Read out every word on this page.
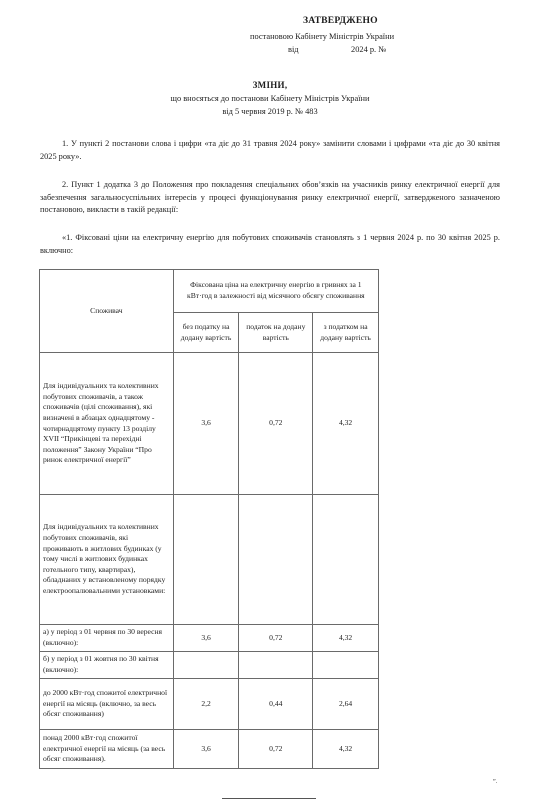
ЗАТВЕРДЖЕНО
постановою Кабінету Міністрів України
від	2024 р. №
ЗМІНИ,
що вносяться до постанови Кабінету Міністрів України
від 5 червня 2019 р. № 483
1. У пункті 2 постанови слова і цифри «та діє до 31 травня 2024 року» замінити словами і цифрами «та діє до 30 квітня 2025 року».
2. Пункт 1 додатка 3 до Положення про покладення спеціальних обов’язків на учасників ринку електричної енергії для забезпечення загальносуспільних інтересів у процесі функціонування ринку електричної енергії, затвердженого зазначеною постановою, викласти в такій редакції:
«1. Фіксовані ціни на електричну енергію для побутових споживачів становлять з 1 червня 2024 р. по 30 квітня 2025 р. включно:
Споживач	Фіксована ціна на електричну енергію в гривнях за 1 кВт·год в залежності від місячного обсягу споживання		
	без податку на додану вартість	податок на додану вартість	з податком на додану вартість
Для індивідуальних та колективних побутових споживачів, а також споживачів (цілі споживання), які визначені в абзацах однадцятому - чотирнадцятому пункту 13 розділу XVII “Прикінцеві та перехідні положення” Закону України “Про ринок електричної енергії”	3,6	0,72	4,32
Для індивідуальних та колективних побутових споживачів, які проживають в житлових будинках (у тому числі в житлових будинках готельного типу, квартирах), обладнаних у встановленому порядку електроопалювальними установками:			
а) у період з 01 червня по 30 вересня (включно):	3,6	0,72	4,32
б) у період з 01 жовтня по 30 квітня (включно):			
до 2000 кВт·год спожитої електричної енергії на місяць (включно, за весь обсяг споживання)	2,2	0,44	2,64
понад 2000 кВт·год спожитої електричної енергії на місяць (за весь обсяг споживання).	3,6	0,72	4,32
”.
